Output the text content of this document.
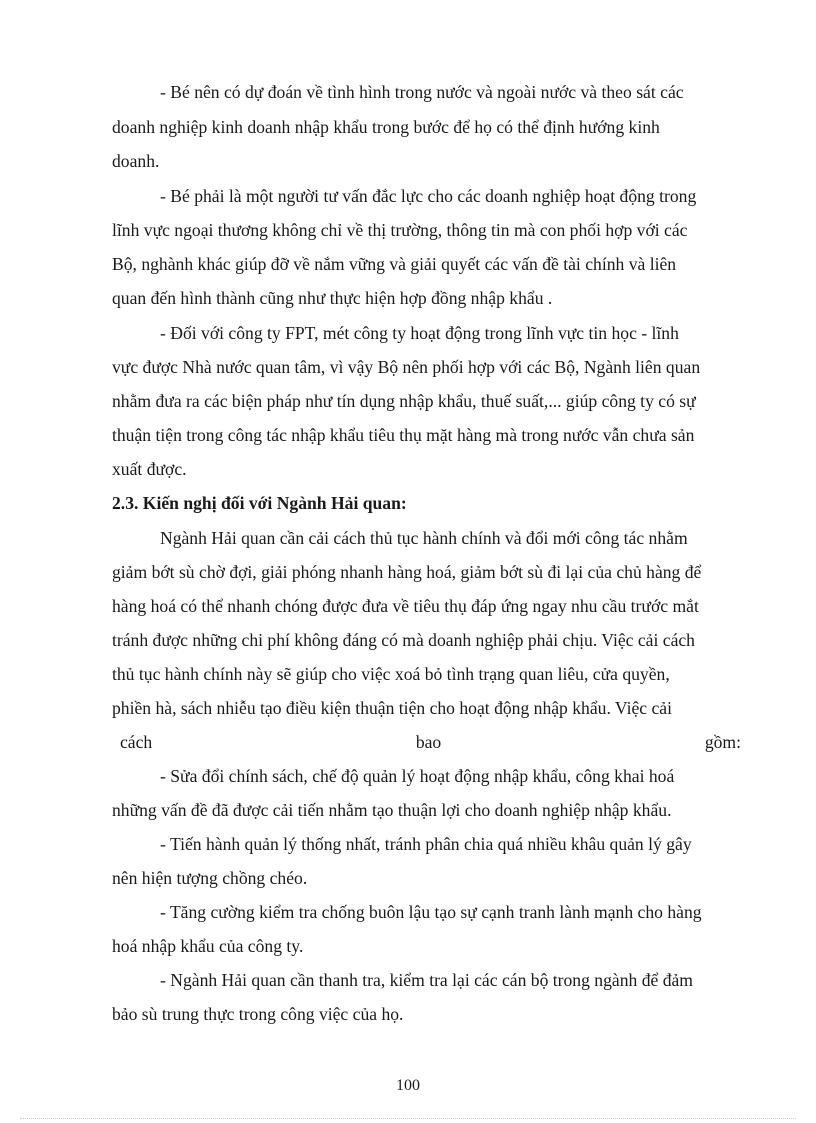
- Bé nên có dự đoán về tình hình trong nước và ngoài nước và theo sát các
doanh nghiệp kinh doanh nhập khẩu trong bước để họ có thể định hướng kinh
doanh.
- Bé phải là một người tư vấn đắc lực cho các doanh nghiệp hoạt động trong
lĩnh vực ngoại thương không chỉ về thị trường, thông tin mà con phối hợp với các
Bộ, nghành khác giúp đỡ về nắm vững và giải quyết các vấn đề tài chính và liên
quan đến hình thành cũng như thực hiện hợp đồng nhập khẩu .
- Đối với công ty FPT, mét công ty hoạt động trong lĩnh vực tin học - lĩnh
vực được Nhà nước quan tâm, vì vậy Bộ nên phối hợp với các Bộ, Ngành liên quan
nhằm đưa ra các biện pháp như tín dụng nhập khẩu, thuế suất,... giúp công ty có sự
thuận tiện trong công tác nhập khẩu tiêu thụ mặt hàng mà trong nước vẫn chưa sản
xuất được.
2.3. Kiến nghị đối với Ngành Hải quan:
Ngành Hải quan cần cải cách thủ tục hành chính và đổi mới công tác nhằm
giảm bớt sù chờ đợi, giải phóng nhanh hàng hoá, giảm bớt sù đi lại của chủ hàng để
hàng hoá có thể nhanh chóng được đưa về tiêu thụ đáp ứng ngay nhu cầu trước mắt
tránh được những chi phí không đáng có mà doanh nghiệp phải chịu. Việc cải cách
thủ tục hành chính này sẽ giúp cho việc xoá bỏ tình trạng quan liêu, cửa quyền,
phiền hà, sách nhiễu tạo điều kiện thuận tiện cho hoạt động nhập khẩu. Việc cải
cách	bao	gồm:
- Sửa đổi chính sách, chế độ quản lý hoạt động nhập khẩu, công khai hoá
những vấn đề đã được cải tiến nhằm tạo thuận lợi cho doanh nghiệp nhập khẩu.
- Tiến hành quản lý thống nhất, tránh phân chia quá nhiều khâu quản lý gây
nên hiện tượng chồng chéo.
- Tăng cường kiểm tra chống buôn lậu tạo sự cạnh tranh lành mạnh cho hàng
hoá nhập khẩu của công ty.
- Ngành Hải quan cần thanh tra, kiểm tra lại các cán bộ trong ngành để đảm
bảo sù trung thực trong công việc của họ.
100
